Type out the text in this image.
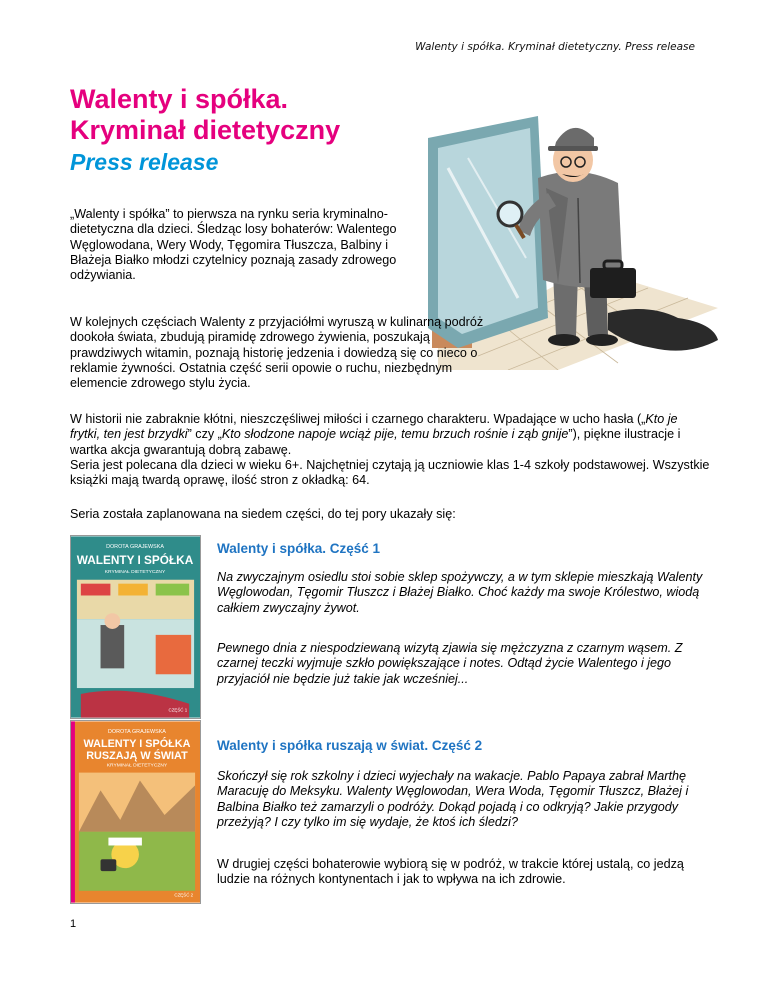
Walenty i spółka. Kryminał dietetyczny. Press release
Walenty i spółka.
Kryminał dietetyczny
Press release

„Walenty i spółka” to pierwsza na rynku seria kryminalno-dietetyczna dla dzieci. Śledząc losy bohaterów: Walentego Węglowodana, Wery Wody, Tęgomira Tłuszcza, Balbiny i Błażeja Białko młodzi czytelnicy poznają zasady zdrowego odżywiania.

W kolejnych częściach Walenty z przyjaciółmi wyruszą w kulinarną podróż dookoła świata, zbudują piramidę zdrowego żywienia, poszukają prawdziwych witamin, poznają historię jedzenia i dowiedzą się co nieco o reklamie żywności. Ostatnia część serii opowie o ruchu, niezbędnym elemencie zdrowego stylu życia.

W historii nie zabraknie kłótni, nieszczęśliwej miłości i czarnego charakteru. Wpadające w ucho hasła („Kto je frytki, ten jest brzydki” czy „Kto słodzone napoje wciąż pije, temu brzuch rośnie i ząb gnije”), piękne ilustracje i wartka akcja gwarantują dobrą zabawę.
Seria jest polecana dla dzieci w wieku 6+. Najchętniej czytają ją uczniowie klas 1-4 szkoły podstawowej. Wszystkie książki mają twardą oprawę, ilość stron z okładką: 64.

Seria została zaplanowana na siedem części, do tej pory ukazały się:

DOROTA GRAJEWSKA
WALENTY I SPÓŁKA
KRYMINAŁ DIETETYCZNY
CZĘŚĆ 1
Walenty i spółka. Część 1

Na zwyczajnym osiedlu stoi sobie sklep spożywczy, a w tym sklepie mieszkają Walenty Węglowodan, Tęgomir Tłuszcz i Błażej Białko. Choć każdy ma swoje Królestwo, wiodą całkiem zwyczajny żywot.

Pewnego dnia z niespodziewaną wizytą zjawia się mężczyzna z czarnym wąsem. Z czarnej teczki wyjmuje szkło powiększające i notes. Odtąd życie Walentego i jego przyjaciół nie będzie już takie jak wcześniej...

DOROTA GRAJEWSKA
WALENTY I SPÓŁKA
RUSZAJĄ W ŚWIAT
KRYMINAŁ DIETETYCZNY
CZĘŚĆ 2
Walenty i spółka ruszają w świat. Część 2

Skończył się rok szkolny i dzieci wyjechały na wakacje. Pablo Papaya zabrał Marthę Maracuję do Meksyku. Walenty Węglowodan, Wera Woda, Tęgomir Tłuszcz, Błażej i Balbina Białko też zamarzyli o podróży. Dokąd pojadą i co odkryją? Jakie przygody przeżyją? I czy tylko im się wydaje, że ktoś ich śledzi?

W drugiej części bohaterowie wybiorą się w podróż, w trakcie której ustalą, co jedzą ludzie na różnych kontynentach i jak to wpływa na ich zdrowie.

1
